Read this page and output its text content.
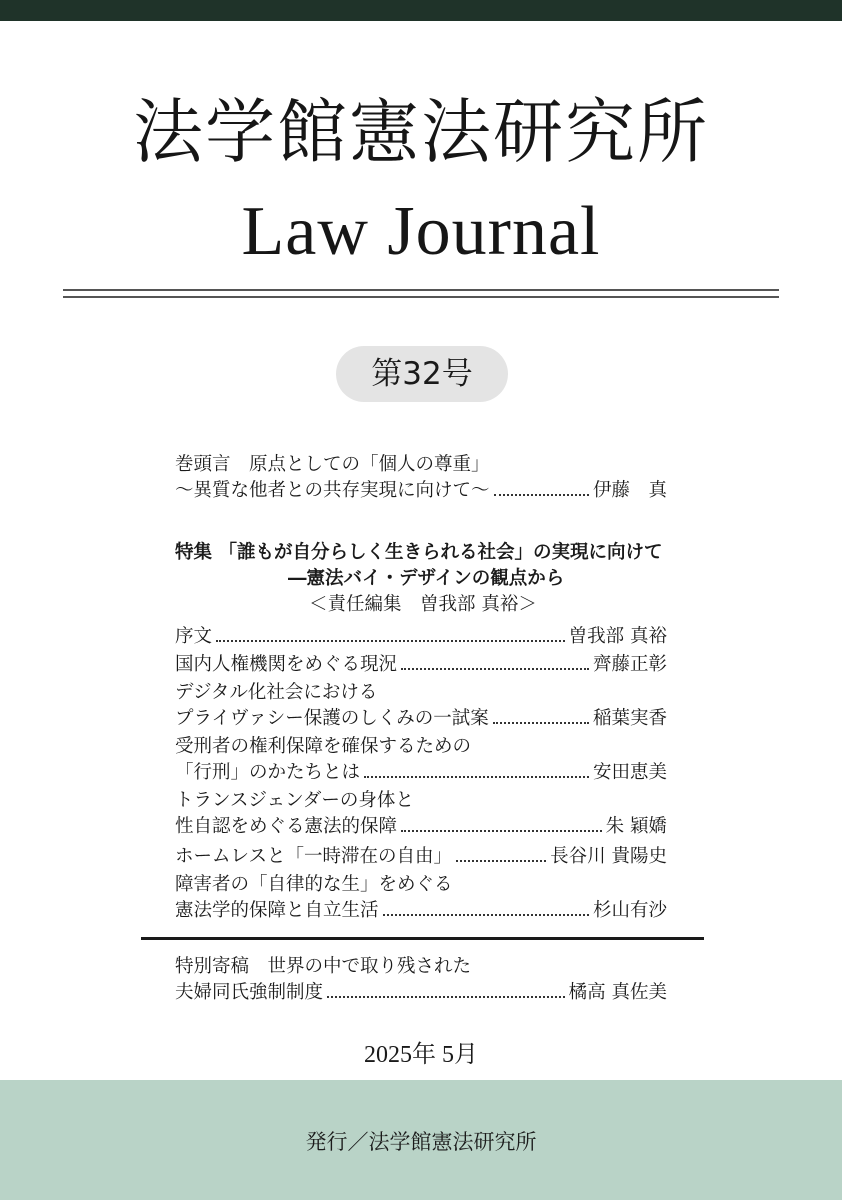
法学館憲法研究所
Law Journal
第32号
巻頭言　原点としての「個人の尊重」
～異質な他者との共存実現に向けて～	伊藤　真
特集 「誰もが自分らしく生きられる社会」の実現に向けて
―憲法バイ・デザインの観点から
＜責任編集　曽我部 真裕＞
序文	曽我部 真裕
国内人権機関をめぐる現況	齊藤正彰
デジタル化社会における
プライヴァシー保護のしくみの一試案	稲葉実香
受刑者の権利保障を確保するための
「行刑」のかたちとは	安田恵美
トランスジェンダーの身体と
性自認をめぐる憲法的保障	朱 穎嬌
ホームレスと「一時滞在の自由」	長谷川 貴陽史
障害者の「自律的な生」をめぐる
憲法学的保障と自立生活	杉山有沙
特別寄稿　世界の中で取り残された
夫婦同氏強制制度	橘高 真佐美
2025年 5月
発行／法学館憲法研究所
